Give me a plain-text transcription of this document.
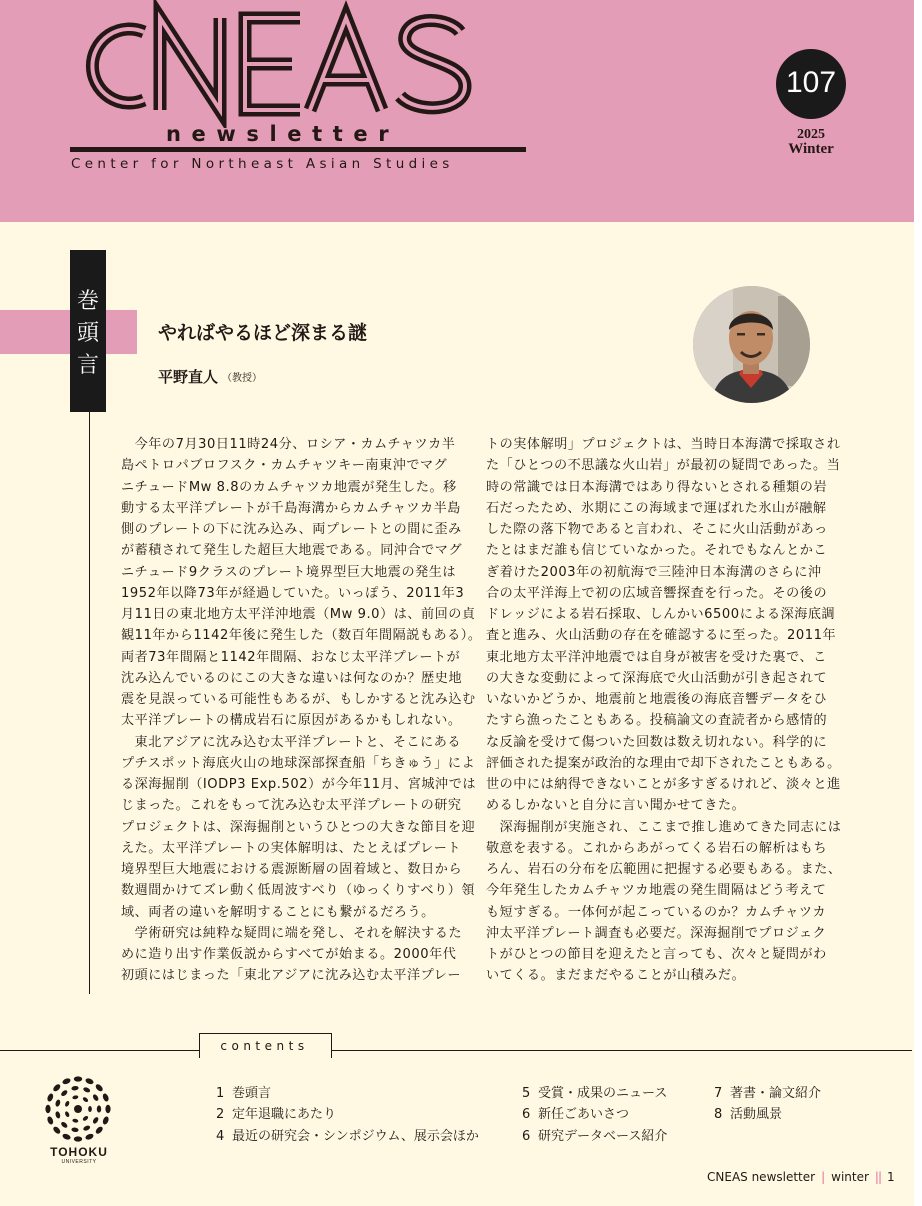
CNEAS
newsletter
Center for Northeast Asian Studies
107
2025
Winter
巻
頭
言
やればやるほど深まる謎
平野直人 （教授）
　今年の7月30日11時24分、ロシア・カムチャツカ半
島ペトロパブロフスク・カムチャツキー南東沖でマグ
ニチュードMw 8.8のカムチャツカ地震が発生した。移
動する太平洋プレートが千島海溝からカムチャツカ半島
側のプレートの下に沈み込み、両プレートとの間に歪み
が蓄積されて発生した超巨大地震である。同沖合でマグ
ニチュード9クラスのプレート境界型巨大地震の発生は
1952年以降73年が経過していた。いっぽう、2011年3
月11日の東北地方太平洋沖地震（Mw 9.0）は、前回の貞
観11年から1142年後に発生した（数百年間隔説もある）。
両者73年間隔と1142年間隔、おなじ太平洋プレートが
沈み込んでいるのにこの大きな違いは何なのか？歴史地
震を見誤っている可能性もあるが、もしかすると沈み込む
太平洋プレートの構成岩石に原因があるかもしれない。
　東北アジアに沈み込む太平洋プレートと、そこにある
プチスポット海底火山の地球深部探査船「ちきゅう」によ
る深海掘削（IODP3 Exp.502）が今年11月、宮城沖では
じまった。これをもって沈み込む太平洋プレートの研究
プロジェクトは、深海掘削というひとつの大きな節目を迎
えた。太平洋プレートの実体解明は、たとえばプレート
境界型巨大地震における震源断層の固着域と、数日から
数週間かけてズレ動く低周波すべり（ゆっくりすべり）領
域、両者の違いを解明することにも繋がるだろう。
　学術研究は純粋な疑問に端を発し、それを解決するた
めに造り出す作業仮説からすべてが始まる。2000年代
初頭にはじまった「東北アジアに沈み込む太平洋プレー
トの実体解明」プロジェクトは、当時日本海溝で採取され
た「ひとつの不思議な火山岩」が最初の疑問であった。当
時の常識では日本海溝ではあり得ないとされる種類の岩
石だったため、氷期にこの海域まで運ばれた氷山が融解
した際の落下物であると言われ、そこに火山活動があっ
たとはまだ誰も信じていなかった。それでもなんとかこ
ぎ着けた2003年の初航海で三陸沖日本海溝のさらに沖
合の太平洋海上で初の広域音響探査を行った。その後の
ドレッジによる岩石採取、しんかい6500による深海底調
査と進み、火山活動の存在を確認するに至った。2011年
東北地方太平洋沖地震では自身が被害を受けた裏で、こ
の大きな変動によって深海底で火山活動が引き起されて
いないかどうか、地震前と地震後の海底音響データをひ
たすら漁ったこともある。投稿論文の査読者から感情的
な反論を受けて傷ついた回数は数え切れない。科学的に
評価された提案が政治的な理由で却下されたこともある。
世の中には納得できないことが多すぎるけれど、淡々と進
めるしかないと自分に言い聞かせてきた。
　深海掘削が実施され、ここまで推し進めてきた同志には
敬意を表する。これからあがってくる岩石の解析はもち
ろん、岩石の分布を広範囲に把握する必要もある。また、
今年発生したカムチャツカ地震の発生間隔はどう考えて
も短すぎる。一体何が起こっているのか？カムチャツカ
沖太平洋プレート調査も必要だ。深海掘削でプロジェク
トがひとつの節目を迎えたと言っても、次々と疑問がわ
いてくる。まだまだやることが山積みだ。
contents
1 巻頭言
2 定年退職にあたり
4 最近の研究会・シンポジウム、展示会ほか
5 受賞・成果のニュース
6 新任ごあいさつ
6 研究データベース紹介
7 著書・論文紹介
8 活動風景
TOHOKU
UNIVERSITY
CNEAS newsletter | winter || 1
